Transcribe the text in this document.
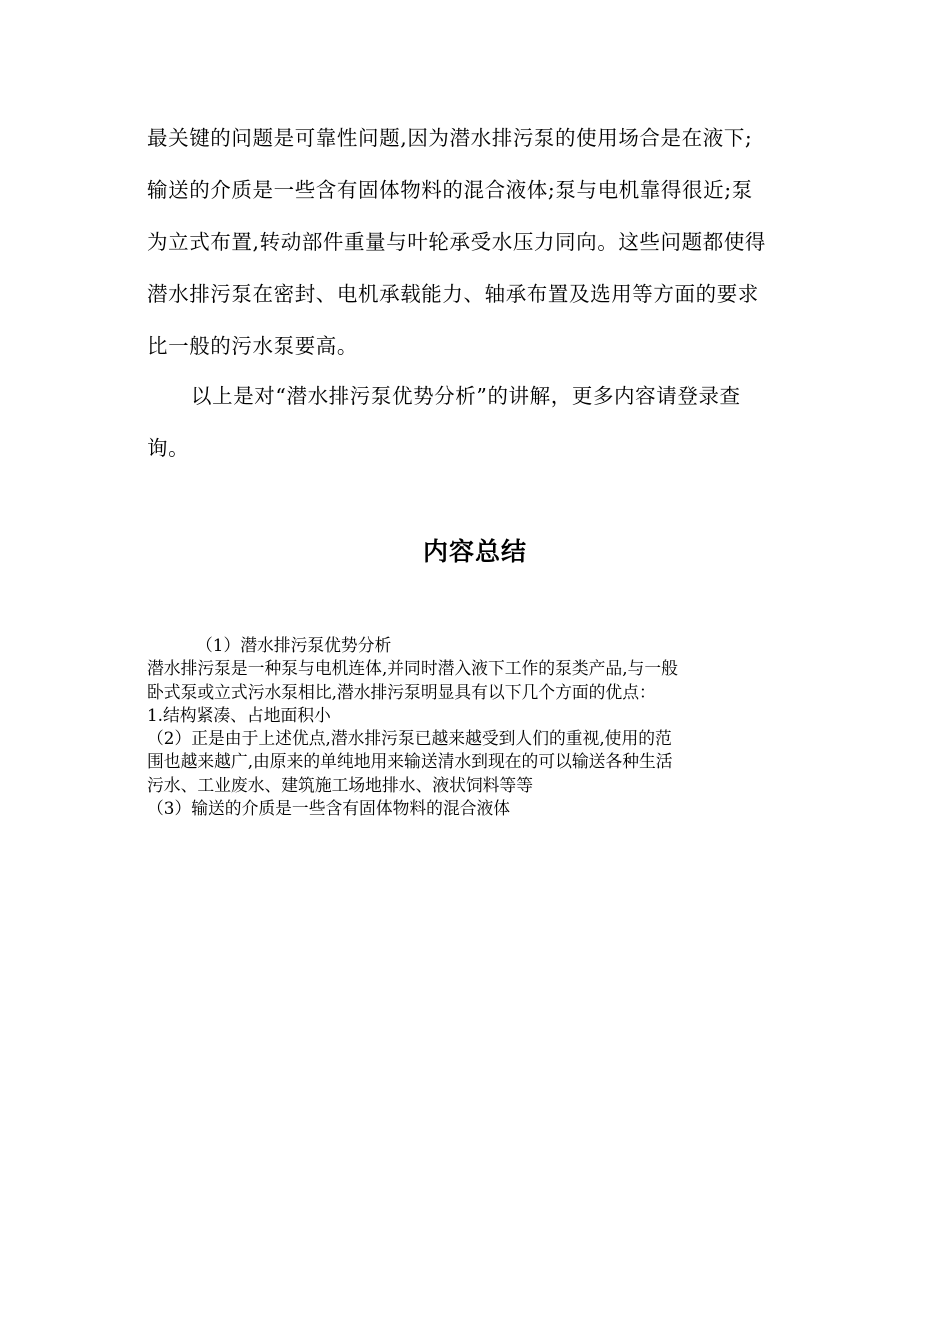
最关键的问题是可靠性问题,因为潜水排污泵的使用场合是在液下;

输送的介质是一些含有固体物料的混合液体;泵与电机靠得很近;泵

为立式布置,转动部件重量与叶轮承受水压力同向。这些问题都使得

潜水排污泵在密封、电机承载能力、轴承布置及选用等方面的要求

比一般的污水泵要高。

以上是对“潜水排污泵优势分析”的讲解，更多内容请登录查

询。

内容总结
（1）潜水排污泵优势分析
潜水排污泵是一种泵与电机连体,并同时潜入液下工作的泵类产品,与一般
卧式泵或立式污水泵相比,潜水排污泵明显具有以下几个方面的优点：
1.结构紧凑、占地面积小
（2）正是由于上述优点,潜水排污泵已越来越受到人们的重视,使用的范
围也越来越广,由原来的单纯地用来输送清水到现在的可以输送各种生活
污水、工业废水、建筑施工场地排水、液状饲料等等
（3）输送的介质是一些含有固体物料的混合液体
